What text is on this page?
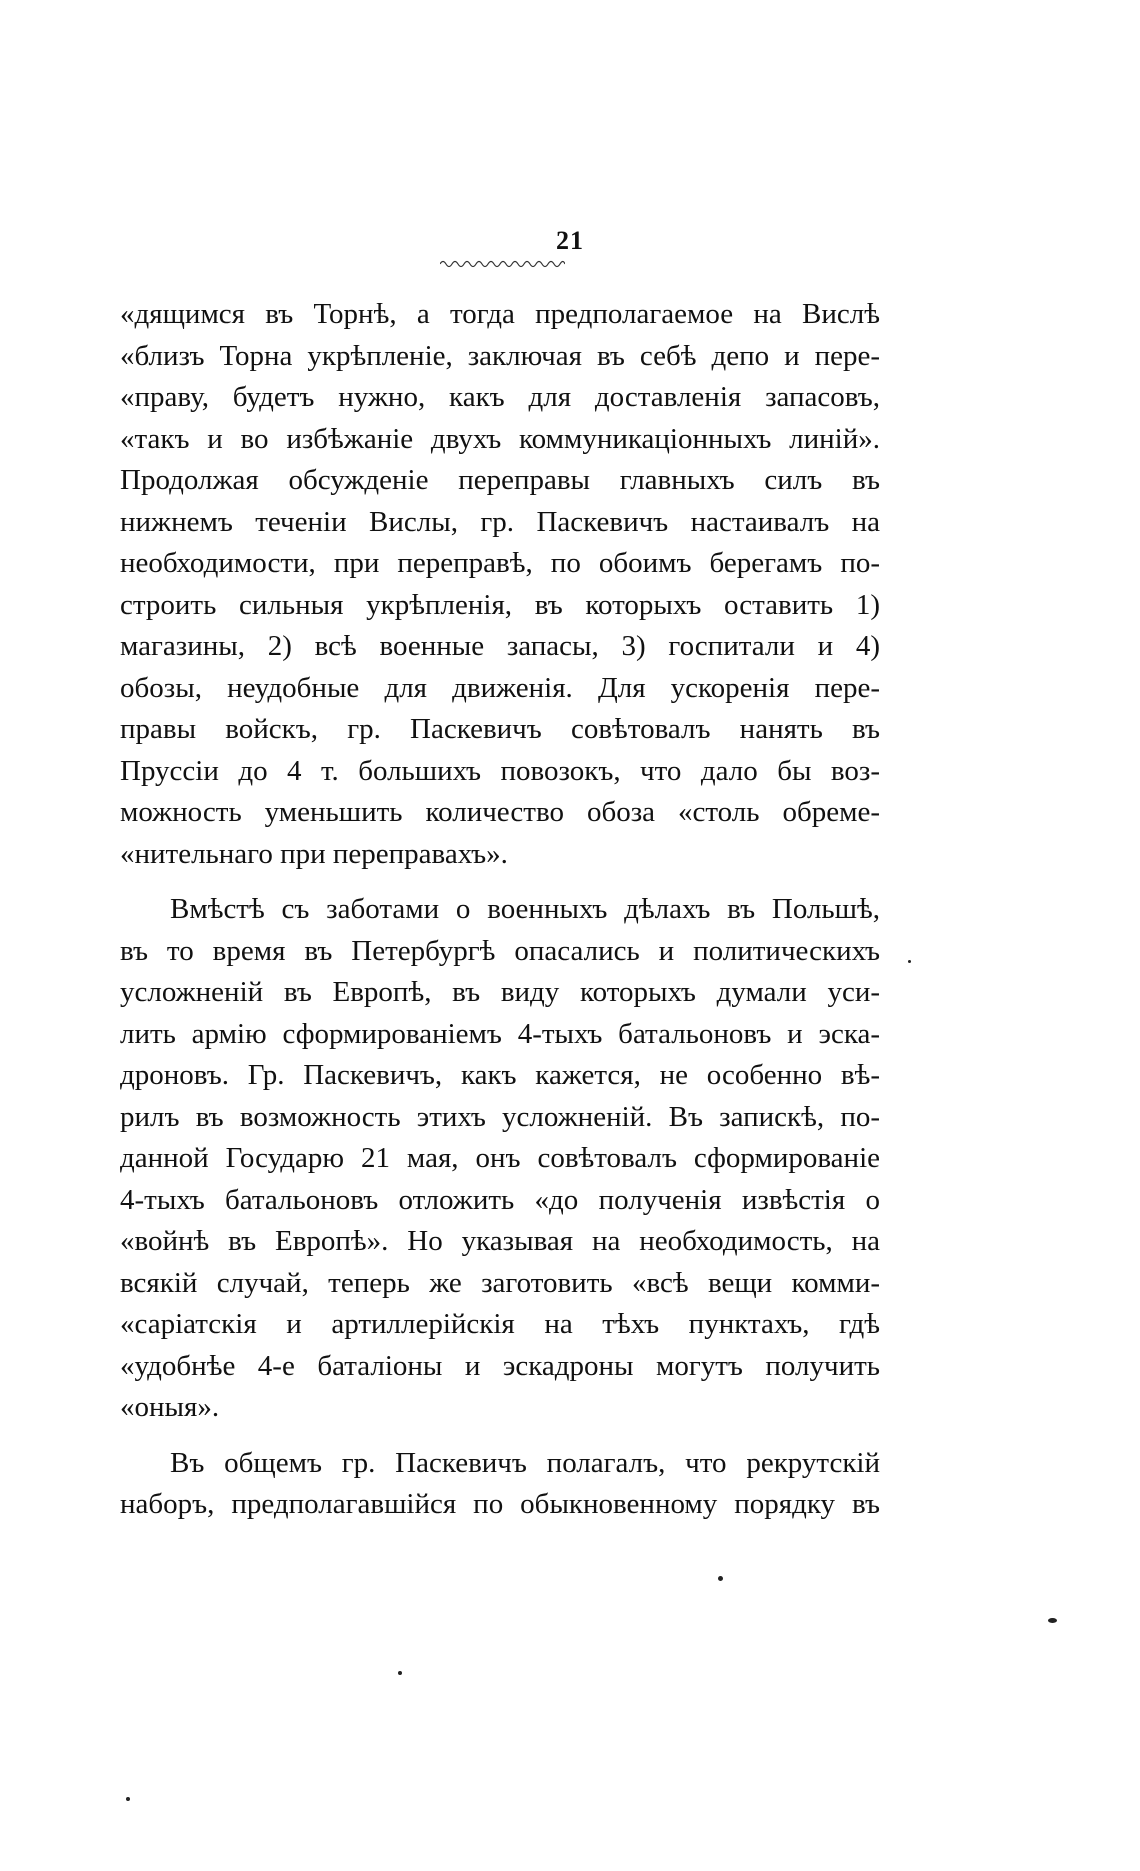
21
«дящимся въ Торнѣ, а тогда предполагаемое на Вислѣ
«близъ Торна укрѣпленіе, заключая въ себѣ депо и пере-
«праву, будетъ нужно, какъ для доставленія запасовъ,
«такъ и во избѣжаніе двухъ коммуникаціонныхъ линій».
Продолжая обсужденіе переправы главныхъ силъ въ
нижнемъ теченіи Вислы, гр. Паскевичъ настаивалъ на
необходимости, при переправѣ, по обоимъ берегамъ по-
строить сильныя укрѣпленія, въ которыхъ оставить 1)
магазины, 2) всѣ военные запасы, 3) госпитали и 4)
обозы, неудобные для движенія. Для ускоренія пере-
правы войскъ, гр. Паскевичъ совѣтовалъ нанять въ
Пруссіи до 4 т. большихъ повозокъ, что дало бы воз-
можность уменьшить количество обоза «столь обреме-
«нительнаго при переправахъ».
Вмѣстѣ съ заботами о военныхъ дѣлахъ въ Польшѣ,
въ то время въ Петербургѣ опасались и политическихъ
усложненій въ Европѣ, въ виду которыхъ думали уси-
лить армію сформированіемъ 4-тыхъ батальоновъ и эска-
дроновъ. Гр. Паскевичъ, какъ кажется, не особенно вѣ-
рилъ въ возможность этихъ усложненій. Въ запискѣ, по-
данной Государю 21 мая, онъ совѣтовалъ сформированіе
4-тыхъ батальоновъ отложить «до полученія извѣстія о
«войнѣ въ Европѣ». Но указывая на необходимость, на
всякій случай, теперь же заготовить «всѣ вещи комми-
«саріатскія и артиллерійскія на тѣхъ пунктахъ, гдѣ
«удобнѣе 4-е баталіоны и эскадроны могутъ получить
«оныя».
Въ общемъ гр. Паскевичъ полагалъ, что рекрутскій
наборъ, предполагавшійся по обыкновенному порядку въ
